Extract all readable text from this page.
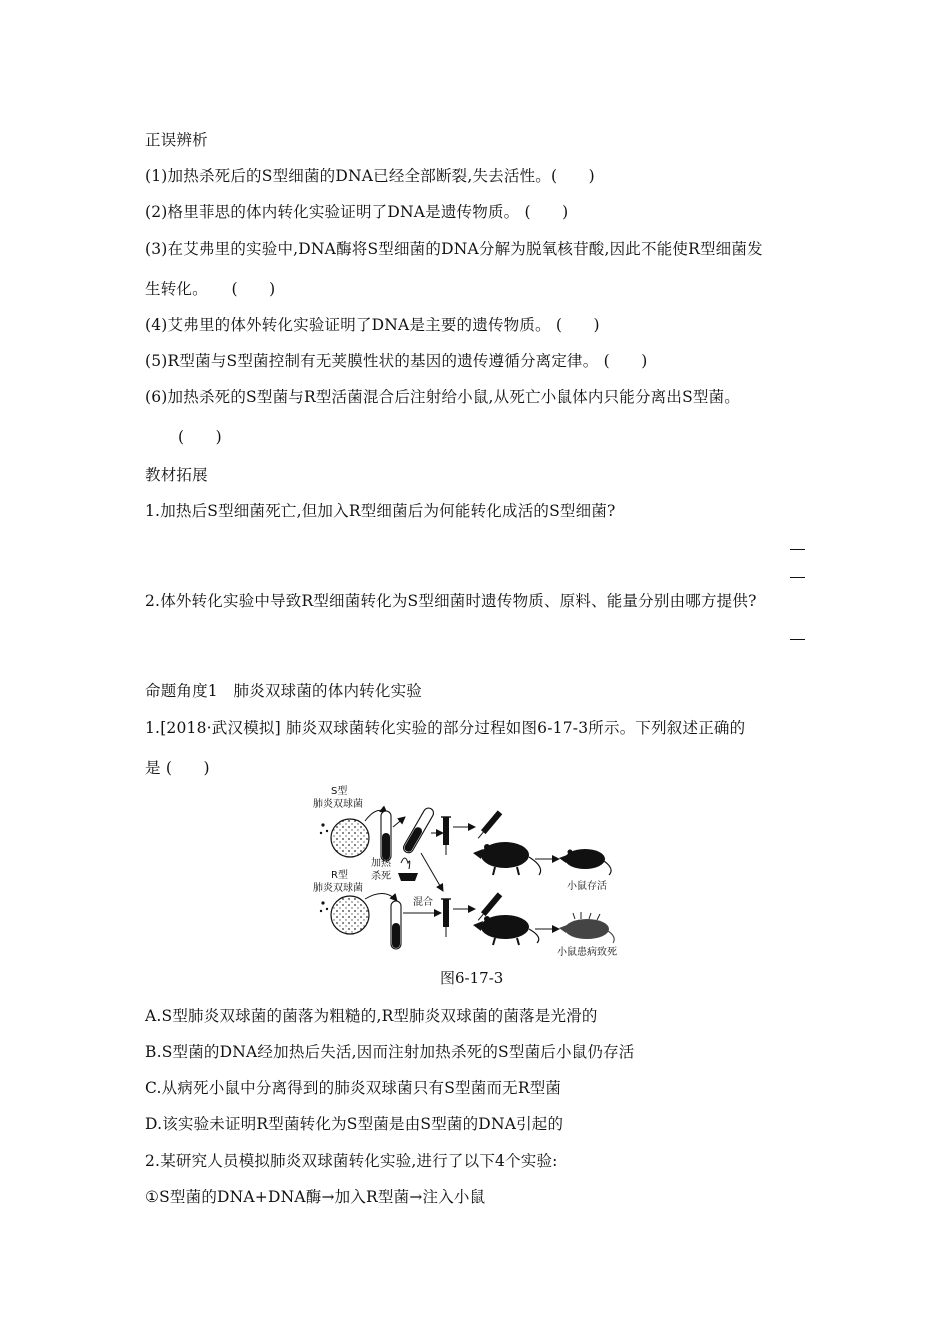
正误辨析
(1)加热杀死后的S型细菌的DNA已经全部断裂,失去活性。(　　)
(2)格里菲思的体内转化实验证明了DNA是遗传物质。 (　　)
(3)在艾弗里的实验中,DNA酶将S型细菌的DNA分解为脱氧核苷酸,因此不能使R型细菌发
生转化。　　(　　)
(4)艾弗里的体外转化实验证明了DNA是主要的遗传物质。 (　　)
(5)R型菌与S型菌控制有无荚膜性状的基因的遗传遵循分离定律。 (　　)
(6)加热杀死的S型菌与R型活菌混合后注射给小鼠,从死亡小鼠体内只能分离出S型菌。
(　　)
教材拓展
1.加热后S型细菌死亡,但加入R型细菌后为何能转化成活的S型细菌?
2.体外转化实验中导致R型细菌转化为S型细菌时遗传物质、原料、能量分别由哪方提供?
命题角度1　肺炎双球菌的体内转化实验
1.[2018·武汉模拟] 肺炎双球菌转化实验的部分过程如图6-17-3所示。下列叙述正确的
是 (　　)
S型
肺炎双球菌
R型
肺炎双球菌
加热
杀死
小鼠存活
混合
小鼠患病致死
图6-17-3
A.S型肺炎双球菌的菌落为粗糙的,R型肺炎双球菌的菌落是光滑的
B.S型菌的DNA经加热后失活,因而注射加热杀死的S型菌后小鼠仍存活
C.从病死小鼠中分离得到的肺炎双球菌只有S型菌而无R型菌
D.该实验未证明R型菌转化为S型菌是由S型菌的DNA引起的
2.某研究人员模拟肺炎双球菌转化实验,进行了以下4个实验:
①S型菌的DNA+DNA酶→加入R型菌→注入小鼠
